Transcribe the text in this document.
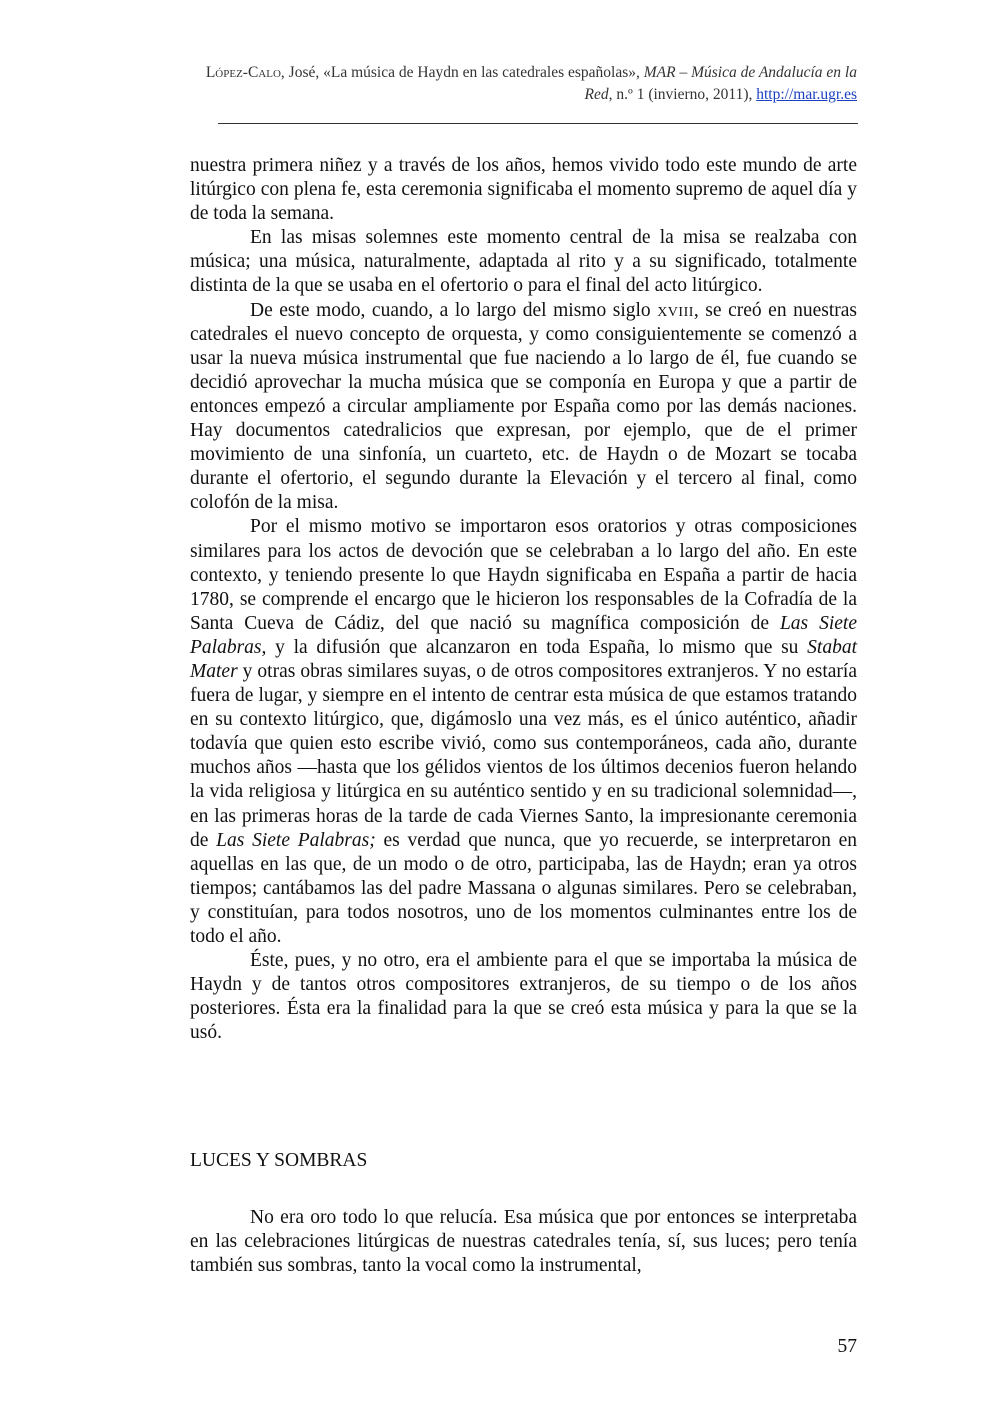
López-Calo, José, «La música de Haydn en las catedrales españolas», MAR – Música de Andalucía en la Red, n.º 1 (invierno, 2011), http://mar.ugr.es

nuestra primera niñez y a través de los años, hemos vivido todo este mundo de arte litúrgico con plena fe, esta ceremonia significaba el momento supremo de aquel día y de toda la semana.

En las misas solemnes este momento central de la misa se realzaba con música; una música, naturalmente, adaptada al rito y a su significado, totalmente distinta de la que se usaba en el ofertorio o para el final del acto litúrgico.

De este modo, cuando, a lo largo del mismo siglo xviii, se creó en nuestras catedrales el nuevo concepto de orquesta, y como consiguientemente se comenzó a usar la nueva música instrumental que fue naciendo a lo largo de él, fue cuando se decidió aprovechar la mucha música que se componía en Europa y que a partir de entonces empezó a circular ampliamente por España como por las demás naciones. Hay documentos catedralicios que expresan, por ejemplo, que de el primer movimiento de una sinfonía, un cuarteto, etc. de Haydn o de Mozart se tocaba durante el ofertorio, el segundo durante la Elevación y el tercero al final, como colofón de la misa.

Por el mismo motivo se importaron esos oratorios y otras composiciones similares para los actos de devoción que se celebraban a lo largo del año. En este contexto, y teniendo presente lo que Haydn significaba en España a partir de hacia 1780, se comprende el encargo que le hicieron los responsables de la Cofradía de la Santa Cueva de Cádiz, del que nació su magnífica composición de Las Siete Palabras, y la difusión que alcanzaron en toda España, lo mismo que su Stabat Mater y otras obras similares suyas, o de otros compositores extranjeros. Y no estaría fuera de lugar, y siempre en el intento de centrar esta música de que estamos tratando en su contexto litúrgico, que, digámoslo una vez más, es el único auténtico, añadir todavía que quien esto escribe vivió, como sus contemporáneos, cada año, durante muchos años —hasta que los gélidos vientos de los últimos decenios fueron helando la vida religiosa y litúrgica en su auténtico sentido y en su tradicional solemnidad—, en las primeras horas de la tarde de cada Viernes Santo, la impresionante ceremonia de Las Siete Palabras; es verdad que nunca, que yo recuerde, se interpretaron en aquellas en las que, de un modo o de otro, participaba, las de Haydn; eran ya otros tiempos; cantábamos las del padre Massana o algunas similares. Pero se celebraban, y constituían, para todos nosotros, uno de los momentos culminantes entre los de todo el año.

Éste, pues, y no otro, era el ambiente para el que se importaba la música de Haydn y de tantos otros compositores extranjeros, de su tiempo o de los años posteriores. Ésta era la finalidad para la que se creó esta música y para la que se la usó.

LUCES Y SOMBRAS

No era oro todo lo que relucía. Esa música que por entonces se interpretaba en las celebraciones litúrgicas de nuestras catedrales tenía, sí, sus luces; pero tenía también sus sombras, tanto la vocal como la instrumental,

57
